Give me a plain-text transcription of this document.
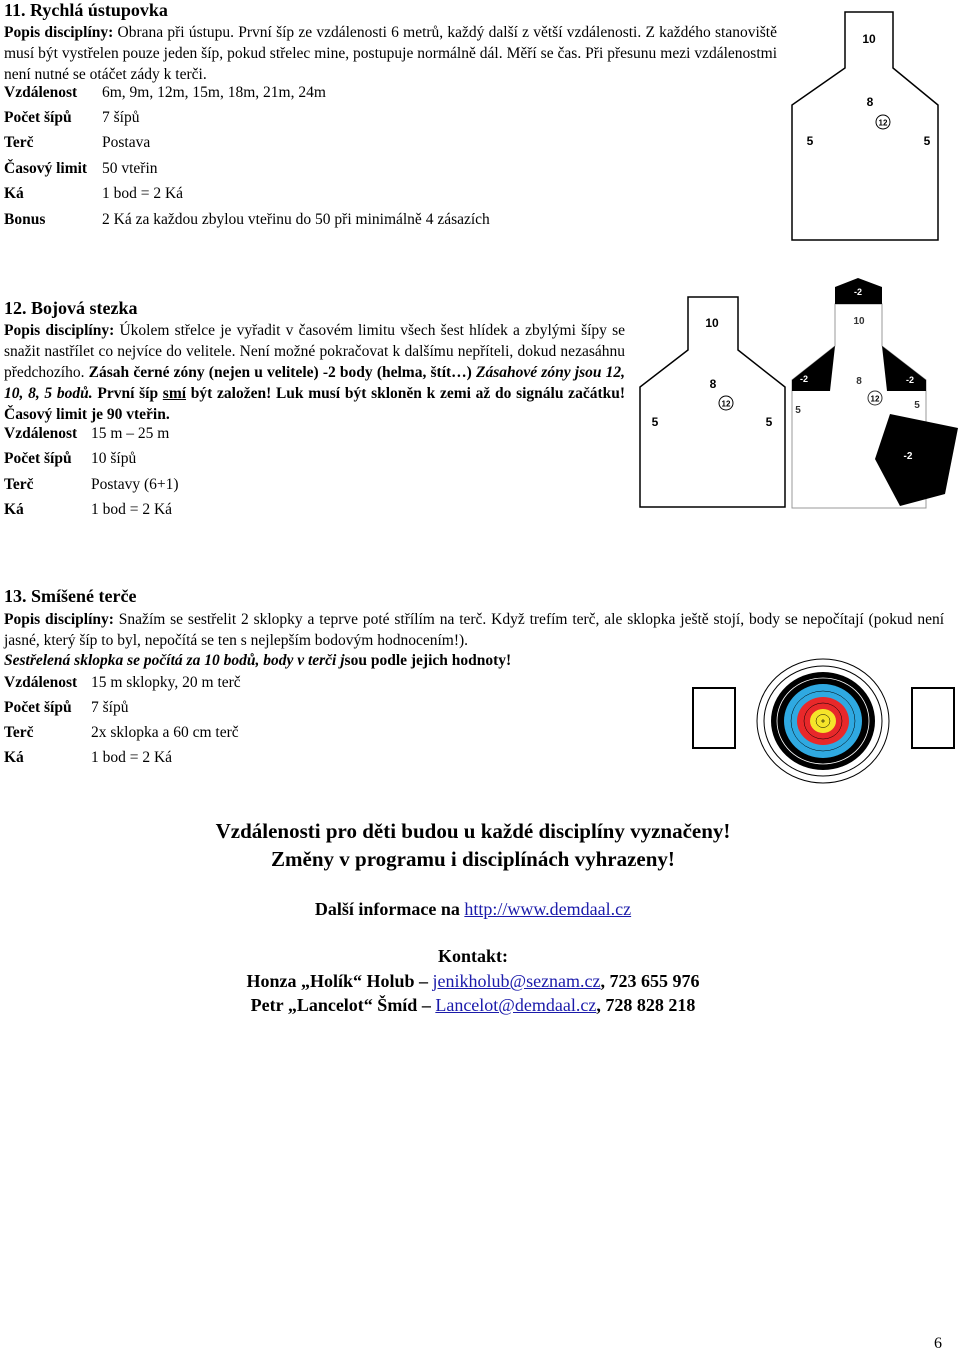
11. Rychlá ústupovka
Popis disciplíny: Obrana při ústupu. První šíp ze vzdálenosti 6 metrů, každý další z větší vzdálenosti. Z každého stanoviště musí být vystřelen pouze jeden šíp, pokud střelec mine, postupuje normálně dál. Měří se čas. Při přesunu mezi vzdálenostmi není nutné se otáčet zády k terči.
Vzdálenost 6m, 9m, 12m, 15m, 18m, 21m, 24m
Počet šípů 7 šípů
Terč	Postava
Časový limit 50 vteřin
Ká	1 bod = 2 Ká
Bonus	2 Ká za každou zbylou vteřinu do 50 při minimálně 4 zásazích
10
8
12
5	5
12. Bojová stezka
Popis disciplíny: Úkolem střelce je vyřadit v časovém limitu všech šest hlídek a zbylými šípy se snažit nastřílet co nejvíce do velitele. Není možné pokračovat k dalšímu nepříteli, dokud nezasáhnu předchozího. Zásah černé zóny (nejen u velitele) -2 body (helma, štít…) Zásahové zóny jsou 12, 10, 8, 5 bodů. První šíp smí být založen! Luk musí být skloněn k zemi až do signálu začátku! Časový limit je 90 vteřin.
Vzdálenost 15 m – 25 m
Počet šípů 10 šípů
Terč	Postavy (6+1)
Ká	1 bod = 2 Ká
10
8
12
5	5
-2
10
-2	-2
8
12
5	5
-2
13. Smíšené terče
Popis disciplíny: Snažím se sestřelit 2 sklopky a teprve poté střílím na terč. Když trefím terč, ale sklopka ještě stojí, body se nepočítají (pokud není jasné, který šíp to byl, nepočítá se ten s nejlepším bodovým hodnocením!).
Sestřelená sklopka se počítá za 10 bodů, body v terči jsou podle jejich hodnoty!
Vzdálenost 15 m sklopky, 20 m terč
Počet šípů 7 šípů
Terč	2x sklopka a 60 cm terč
Ká	1 bod = 2 Ká
Vzdálenosti pro děti budou u každé disciplíny vyznačeny!
Změny v programu i disciplínách vyhrazeny!
Další informace na http://www.demdaal.cz
Kontakt:
Honza „Holík“ Holub – jenikholub@seznam.cz, 723 655 976
Petr „Lancelot“ Šmíd – Lancelot@demdaal.cz, 728 828 218
6
